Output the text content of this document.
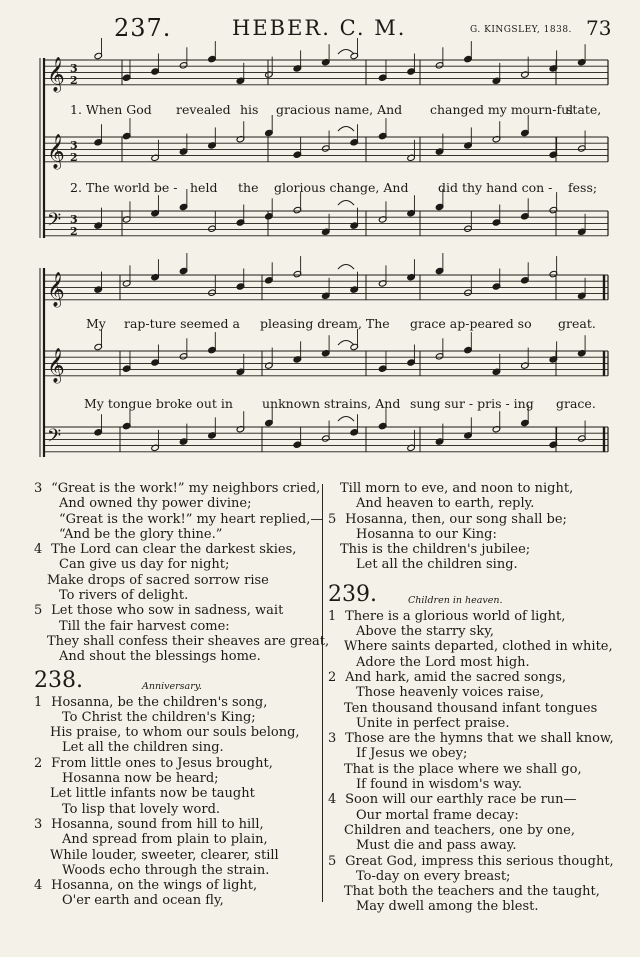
237.	HEBER. C. M.	G. KINGSLEY, 1838. 73
𝄞 3
2
𝄞 3
2
𝄢 3
2
𝄞
𝄞
𝄢
1. When God revealed his gracious name, And changed my mourn-ful
state,
2. The world be - held the glorious change, And did thy hand con - fess;
My rap-ture seemed a pleasing dream, The grace ap-peared so great.
My tongue broke out in unknown strains, And sung sur - pris - ing grace.
3 “Great is the work!” my neighbors cried,
And owned thy power divine;
“Great is the work!” my heart replied,—
“And be the glory thine.”
4 The Lord can clear the darkest skies,
Can give us day for night;
Make drops of sacred sorrow rise
To rivers of delight.
5 Let those who sow in sadness, wait
Till the fair harvest come:
They shall confess their sheaves are great,
And shout the blessings home.
238.	Anniversary.
1 Hosanna, be the children's song,
To Christ the children's King;
His praise, to whom our souls belong,
Let all the children sing.
2 From little ones to Jesus brought,
Hosanna now be heard;
Let little infants now be taught
To lisp that lovely word.
3 Hosanna, sound from hill to hill,
And spread from plain to plain,
While louder, sweeter, clearer, still
Woods echo through the strain.
4 Hosanna, on the wings of light,
O'er earth and ocean fly,
Till morn to eve, and noon to night,
And heaven to earth, reply.
5 Hosanna, then, our song shall be;
Hosanna to our King:
This is the children's jubilee;
Let all the children sing.
239.	Children in heaven.
1 There is a glorious world of light,
Above the starry sky,
Where saints departed, clothed in white,
Adore the Lord most high.
2 And hark, amid the sacred songs,
Those heavenly voices raise,
Ten thousand thousand infant tongues
Unite in perfect praise.
3 Those are the hymns that we shall know,
If Jesus we obey;
That is the place where we shall go,
If found in wisdom's way.
4 Soon will our earthly race be run—
Our mortal frame decay:
Children and teachers, one by one,
Must die and pass away.
5 Great God, impress this serious thought,
To-day on every breast;
That both the teachers and the taught,
May dwell among the blest.
